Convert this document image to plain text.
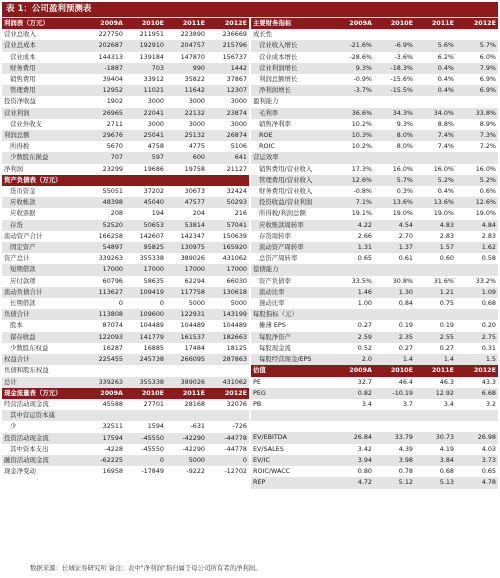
表 1：公司盈利预测表
利润表（万元）	2009A	2010E	2011E	2012E
营业总收入	227750	211951	223890	236669
营业总成本	202687	192910	204757	215796
营业成本	144313	139184	147870	156737
财务费用	-1887	703	990	1442
销售费用	39404	33912	35822	37867
管理费用	12952	11021	11642	12307
投资净收益	1902	3000	3000	3000
营业利润	26965	22041	22132	23874
营业外收支	2711	3000	3000	3000
利润总额	29676	25041	25132	26874
所得税	5670	4758	4775	5106
少数股东损益	707	597	600	641
净利润	23299	19686	19758	21127
资产负债表（万元）				
货币资金	55051	37202	30673	32424
应收帐款	48398	45040	47577	50293
应收票据	208	194	204	216
存货	52520	50653	53814	57041
流动资产合计	166258	142607	142347	150639
固定资产	54897	95825	130975	165920
资产总计	339263	355338	389026	431062
短期借款	17000	17000	17000	17000
应付款项	60796	58635	62294	66030
流动负债合计	113627	109419	117758	130618
长期借款	0	0	5000	5000
负债合计	113808	109600	122931	143199
股本	87074	104489	104489	104489
留存收益	122093	141779	161537	182663
少数股东权益	16287	16885	17484	18125
权益合计	225455	245738	266095	287863
负债和股东权益				
总计	339263	355338	389026	431062
现金流量表（万元）	2009A	2010E	2011E	2012E
经营活动现金流	45588	27701	28168	32076
其中营运资本减				
少	32511	1594	-631	-726
投资活动现金流	17594	-45550	-42290	-44778
其中资本支出	-4228	-45550	-42290	-44778
融资活动现金流	-62225	0	5000	0
现金净变动	16958	-17849	-9222	-12702
主要财务指标	2009A	2010E	2011E	2012E
成长性				
营业收入增长	-21.6%	-6.9%	5.6%	5.7%
营业成本增长	-28.6%	-3.6%	6.2%	6.0%
营业利润增长	9.3%	-18.3%	0.4%	7.9%
利润总额增长	-0.9%	-15.6%	0.4%	6.9%
净利润增长	-3.7%	-15.5%	0.4%	6.9%
盈利能力				
毛利率	36.6%	34.3%	34.0%	33.8%
销售净利率	10.2%	9.3%	8.8%	8.9%
ROE	10.3%	8.0%	7.4%	7.3%
ROIC	10.2%	8.0%	7.4%	7.2%
营运效率				
销售费用/营业收入	17.3%	16.0%	16.0%	16.0%
管理费用/营业收入	12.6%	5.7%	5.2%	5.2%
财务费用/营业收入	-0.8%	0.3%	0.4%	0.6%
投资收益/营业利润	7.1%	13.6%	13.6%	12.6%
所得税/利润总额	19.1%	19.0%	19.0%	19.0%
应收账款周转率	4.22	4.54	4.83	4.84
存货周转率	2.66	2.70	2.83	2.83
流动资产周转率	1.31	1.37	1.57	1.62
总资产周转率	0.65	0.61	0.60	0.58
偿债能力				
资产负债率	33.5%	30.8%	31.6%	33.2%
流动比率	1.46	1.30	1.21	1.09
速动比率	1.00	0.84	0.75	0.68
每股指标（元）				
摊薄 EPS	0.27	0.19	0.19	0.20
每股净资产	2.59	2.35	2.55	2.75
每股现金流	0.52	0.27	0.27	0.31
每股经营现金/EPS	2.0	1.4	1.4	1.5
估值	2009A	2010E	2011E	2012E
PE	32.7	46.4	46.3	43.3
PEG	0.82	-10.19	12.92	6.68
PB	3.4	3.7	3.4	3.2

EV/EBITDA	26.84	33.79	30.73	26.98
EV/SALES	3.42	4.39	4.19	4.03
EV/IC	3.94	3.98	3.84	3.73
ROIC/WACC	0.80	0.78	0.68	0.65
REP	4.72	5.12	5.13	4.78
数据来源：长城证券研究所 备注：表中"净利润"指归属于母公司所有者的净利润。
